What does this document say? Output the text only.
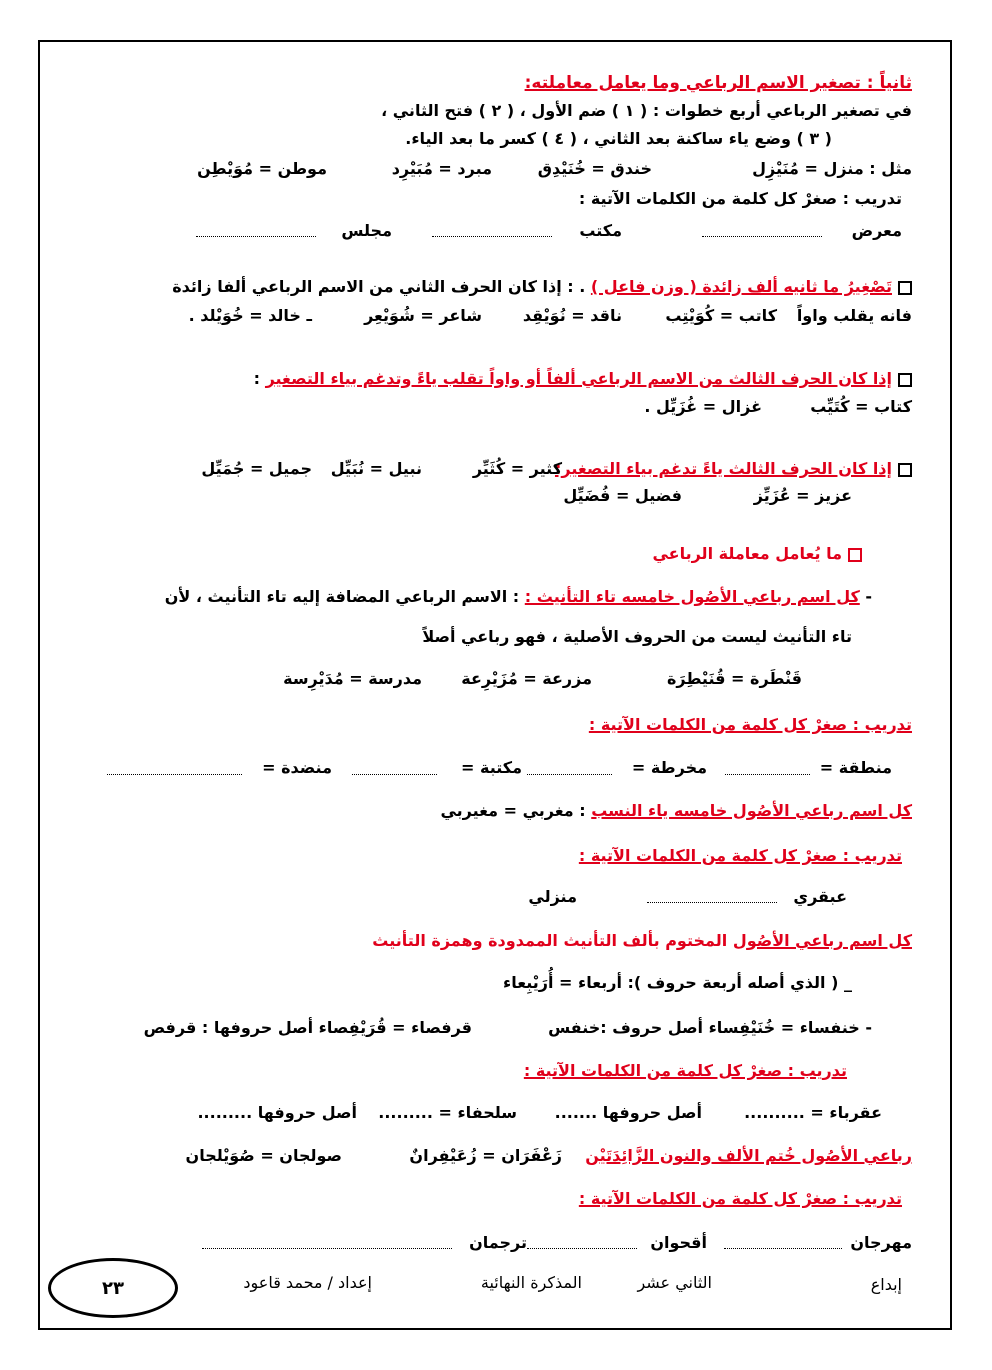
ثانياً : تصغير الاسم الرباعي وما يعامل معاملته:
في تصغير الرباعي أربع خطوات : ( ١ ) ضم الأول ، ( ٢ ) فتح الثاني ،
( ٣ ) وضع ياء ساكنة بعد الثاني ، ( ٤ ) كسر ما بعد الياء.
مثل : منزل = مُنَيْزِل
خندق = خُنَيْدِق
مبرد = مُبَيْرِد
موطن = مُوَيْطِن
تدريب : صغرْ كل كلمة من الكلمات الآتية :
معرض
مكتب
مجلس
تَصْغِيرُ ما ثانيه ألف زائدة ( وزن فاعل ) . : إذا كان الحرف الثاني من الاسم الرباعي ألفا زائدة
فانه يقلب واواً
كاتب = كُوَيْتِب
ناقد = نُوَيْقِد
شاعر = شُوَيْعِر
ـ خالد = خُوَيْلد .
إذا كان الحرف الثالث من الاسم الرباعي ألفاً أو واواً تقلب ياءً وتدغم بياء التصغير :
كتاب = كُتَيِّب
غزال = غُزَيِّل .
إذا كان الحرف الثالث ياءً تدغم بياء التصغير:
كثير = كُثَيِّر
نبيل = نُبَيِّل
جميل = جُمَيِّل
عزيز = عُزَيِّز
فضيل = فُضَيِّل
ما يُعامل معاملة الرباعي
- كل اسم رباعي الأصُول خامسه تاء التأنيث : : الاسم الرباعي المضافة إليه تاء التأنيث ، لأن
تاء التأنيث ليست من الحروف الأصلية ، فهو رباعي أصلاً
قَنْطَرة = قُنَيْطِرَة
مزرعة = مُزَيْرِعة
مدرسة = مُدَيْرِسة
تدريب : صغرْ كل كلمة من الكلمات الآتية :
منطقة =
مخرطة =
مكتبة =
منضدة =
كل اسم رباعي الأصُول خامسه ياء النسب : مغربي = مغيربي
تدريب : صغرْ كل كلمة من الكلمات الآتية :
عبقري
منزلي
كل اسم رباعي الأصُول المختوم بألف التأنيث الممدودة وهمزة التأنيث
_ ( الذي أصله أربعة حروف ): أربعاء = أُرَيْبِعاء
- خنفساء = خُنَيْفِساء أصل حروف :خنفس
قرفصاء = قُرَيْفِصاء أصل حروفها : قرفص
تدريب : صغرْ كل كلمة من الكلمات الآتية :
عقرباء = ..........
أصل حروفها .......
سلحفاء = .........
أصل حروفها .........
رباعي الأصُول خُتم الألف والنون الزَّائِدَتَيْن
زَعْفَرَان = زُعَيْفِرانٌ
صولجان = صُوَيْلجان
تدريب : صغرْ كل كلمة من الكلمات الآتية :
مهرجان
أقحوان
ترجمان
إبداع
الثاني عشر
المذكرة النهائية
إعداد / محمد قاعود
٢٣
